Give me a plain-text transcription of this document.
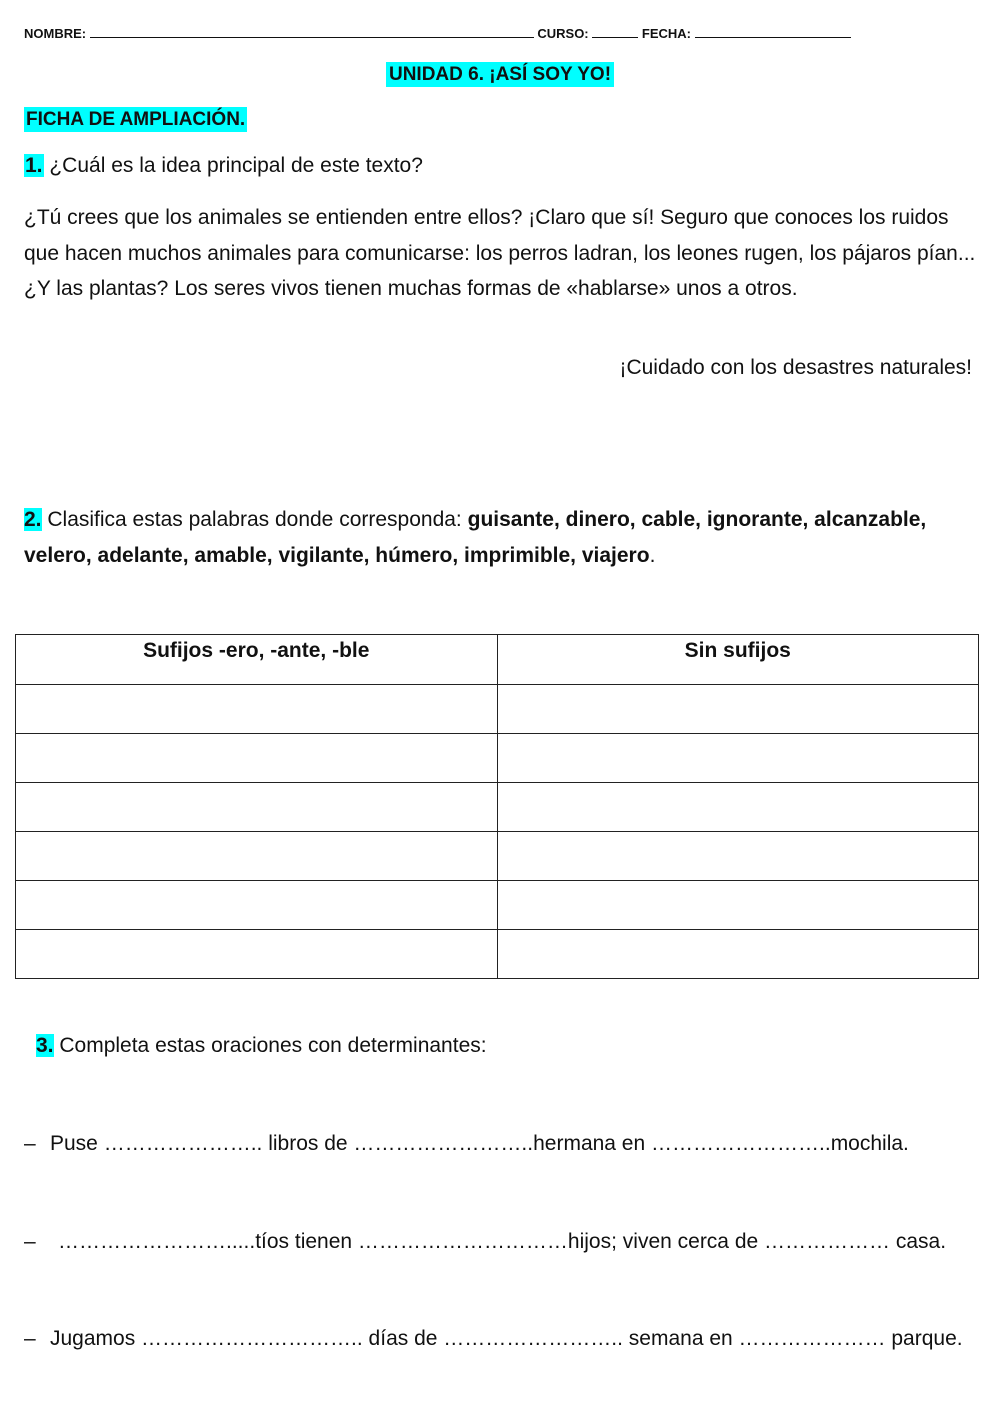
NOMBRE:	CURSO:	FECHA:
UNIDAD 6. ¡ASÍ SOY YO!
FICHA DE AMPLIACIÓN.
1. ¿Cuál es la idea principal de este texto?
¿Tú crees que los animales se entienden entre ellos? ¡Claro que sí! Seguro que conoces los ruidos que hacen muchos animales para comunicarse: los perros ladran, los leones rugen, los pájaros pían... ¿Y las plantas? Los seres vivos tienen muchas formas de «hablarse» unos a otros.
¡Cuidado con los desastres naturales!
2. Clasifica estas palabras donde corresponda: guisante, dinero, cable, ignorante, alcanzable, velero, adelante, amable, vigilante, húmero, imprimible, viajero.
Sufijos -ero, -ante, -ble	Sin sufijos

3. Completa estas oraciones con determinantes:
– Puse ………………….. libros de ……………………..hermana en ……………………..mochila.
– …………………….....tíos tienen …………………………hijos; viven cerca de ……………… casa.
– Jugamos ………………………….. días de …………………….. semana en ………………… parque.
